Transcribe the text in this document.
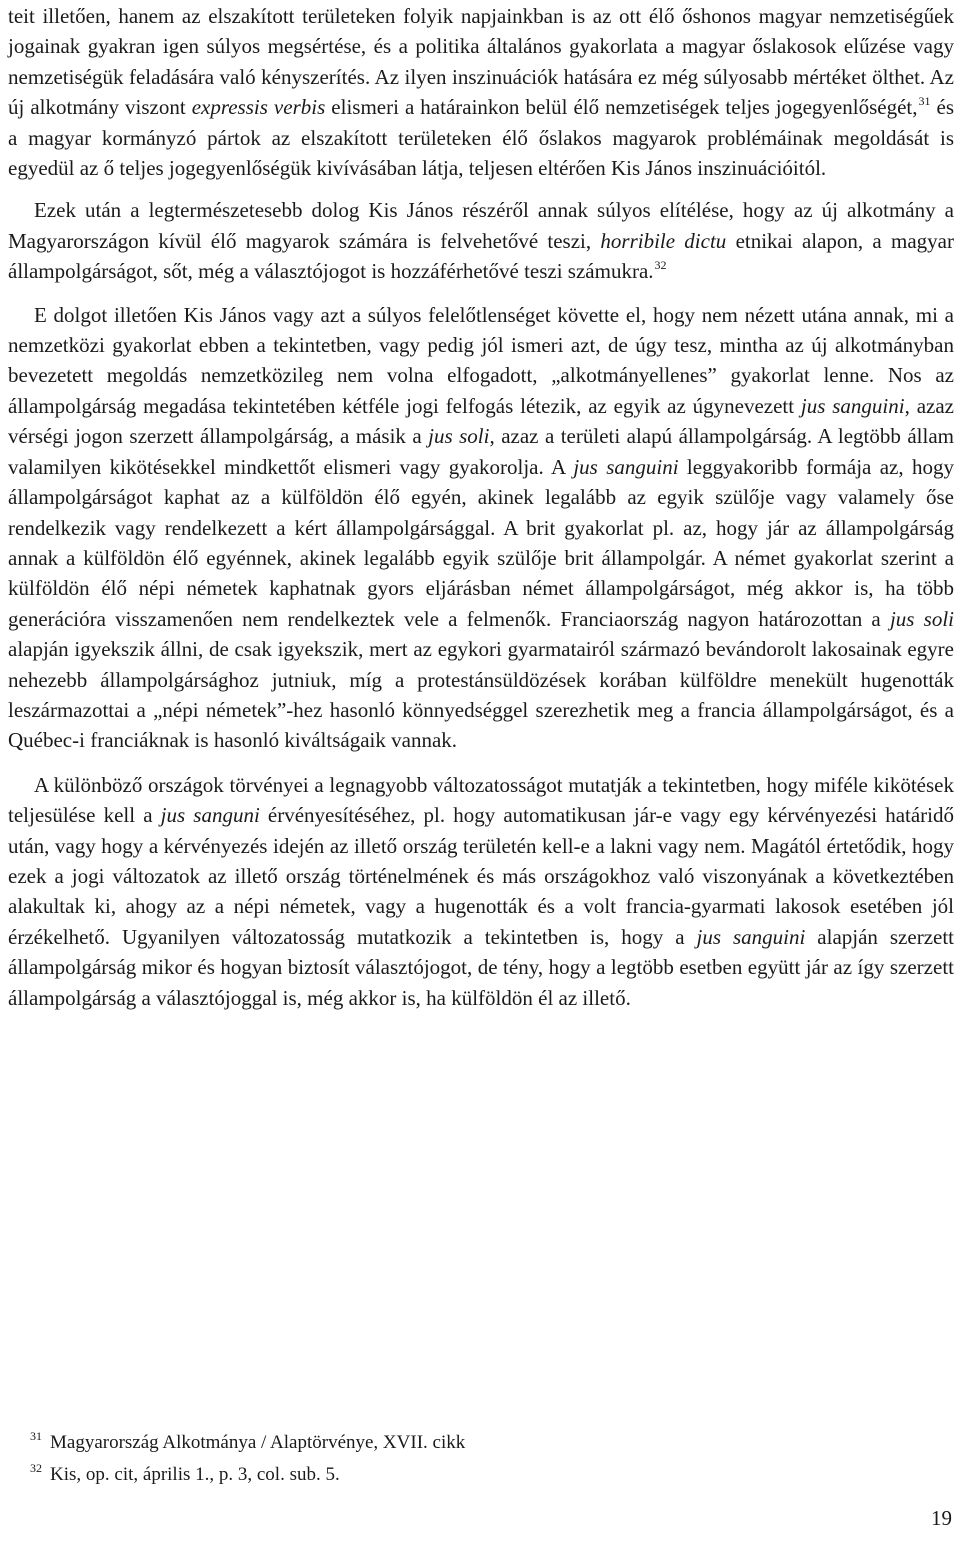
teit illetően, hanem az elszakított területeken folyik napjainkban is az ott élő őshonos magyar nemzetiségűek jogainak gyakran igen súlyos megsértése, és a politika általános gyakorlata a magyar őslakosok elűzése vagy nemzetiségük feladására való kényszerítés. Az ilyen inszinuációk hatására ez még súlyosabb mértéket ölthet. Az új alkotmány viszont expressis verbis elismeri a határainkon belül élő nemzetiségek teljes jogegyenlőségét,$^{31}$ és a magyar kormányzó pártok az elszakított területeken élő őslakos magyarok problémáinak megoldását is egyedül az ő teljes jogegyenlőségük kivívásában látja, teljesen eltérően Kis János inszinuációitól.

Ezek után a legtermészetesebb dolog Kis János részéről annak súlyos elítélése, hogy az új alkotmány a Magyarországon kívül élő magyarok számára is felvehetővé teszi, horribile dictu etnikai alapon, a magyar állampolgárságot, sőt, még a választójogot is hozzáférhetővé teszi számukra.$^{32}$

E dolgot illetően Kis János vagy azt a súlyos felelőtlenséget követte el, hogy nem nézett utána annak, mi a nemzetközi gyakorlat ebben a tekintetben, vagy pedig jól ismeri azt, de úgy tesz, mintha az új alkotmányban bevezetett megoldás nemzetközileg nem volna elfogadott, „alkotmányellenes” gyakorlat lenne. Nos az állampolgárság megadása tekintetében kétféle jogi felfogás létezik, az egyik az úgynevezett jus sanguini, azaz vérségi jogon szerzett állampolgárság, a másik a jus soli, azaz a területi alapú állampolgárság. A legtöbb állam valamilyen kikötésekkel mindkettőt elismeri vagy gyakorolja. A jus sanguini leggyakoribb formája az, hogy állampolgárságot kaphat az a külföldön élő egyén, akinek legalább az egyik szülője vagy valamely őse rendelkezik vagy rendelkezett a kért állampolgársággal. A brit gyakorlat pl. az, hogy jár az állampolgárság annak a külföldön élő egyénnek, akinek legalább egyik szülője brit állampolgár. A német gyakorlat szerint a külföldön élő népi németek kaphatnak gyors eljárásban német állampolgárságot, még akkor is, ha több generációra visszamenően nem rendelkeztek vele a felmenők. Franciaország nagyon határozottan a jus soli alapján igyekszik állni, de csak igyekszik, mert az egykori gyarmatairól származó bevándorolt lakosainak egyre nehezebb állampolgársághoz jutniuk, míg a protestánsüldözések korában külföldre menekült hugenották leszármazottai a „népi németek”-hez hasonló könnyedséggel szerezhetik meg a francia állampolgárságot, és a Québec-i franciáknak is hasonló kiváltságaik vannak.

A különböző országok törvényei a legnagyobb változatosságot mutatják a tekintetben, hogy miféle kikötések teljesülése kell a jus sanguni érvényesítéséhez, pl. hogy automatikusan jár-e vagy egy kérvényezési határidő után, vagy hogy a kérvényezés idején az illető ország területén kell-e a lakni vagy nem. Magától értetődik, hogy ezek a jogi változatok az illető ország történelmének és más országokhoz való viszonyának a következtében alakultak ki, ahogy az a népi németek, vagy a hugenották és a volt francia-gyarmati lakosok esetében jól érzékelhető. Ugyanilyen változatosság mutatkozik a tekintetben is, hogy a jus sanguini alapján szerzett állampolgárság mikor és hogyan biztosít választójogot, de tény, hogy a legtöbb esetben együtt jár az így szerzett állampolgárság a választójoggal is, még akkor is, ha külföldön él az illető.

31 Magyarország Alkotmánya / Alaptörvénye, XVII. cikk
32 Kis, op. cit, április 1., p. 3, col. sub. 5.
19
